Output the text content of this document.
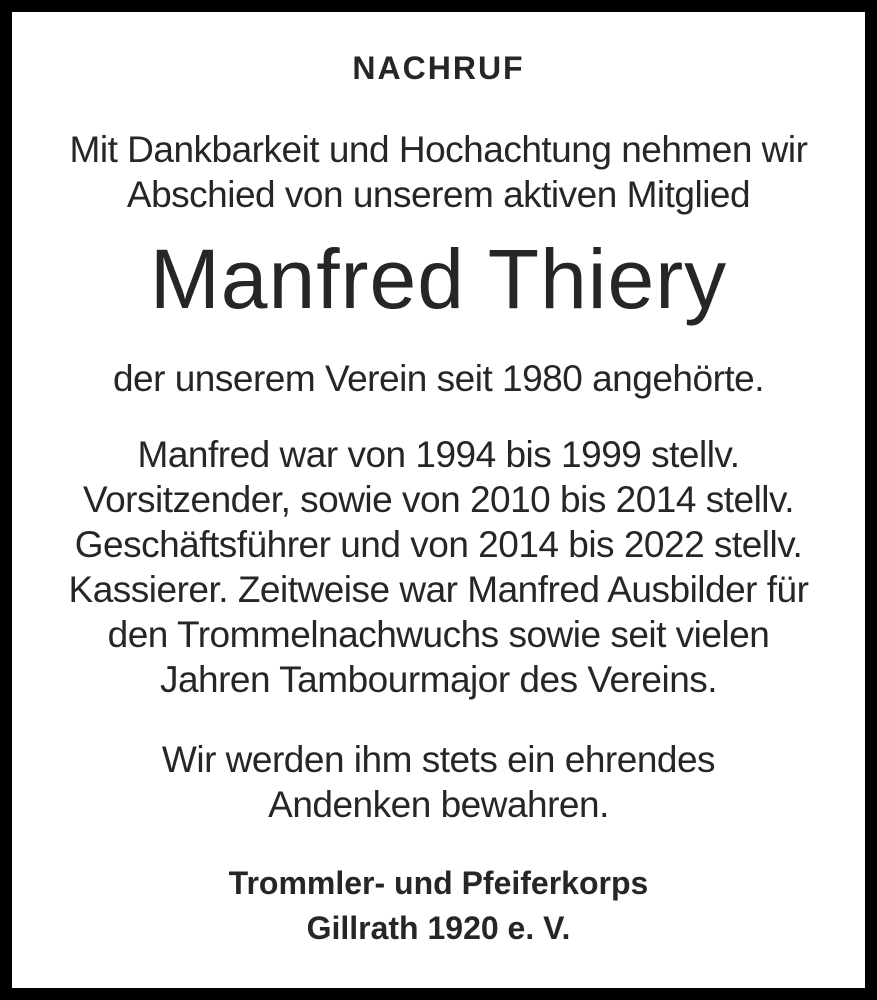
NACHRUF
Mit Dankbarkeit und Hochachtung nehmen wir
Abschied von unserem aktiven Mitglied
Manfred Thiery
der unserem Verein seit 1980 angehörte.
Manfred war von 1994 bis 1999 stellv.
Vorsitzender, sowie von 2010 bis 2014 stellv.
Geschäftsführer und von 2014 bis 2022 stellv.
Kassierer. Zeitweise war Manfred Ausbilder für
den Trommelnachwuchs sowie seit vielen
Jahren Tambourmajor des Vereins.
Wir werden ihm stets ein ehrendes
Andenken bewahren.
Trommler- und Pfeiferkorps
Gillrath 1920 e. V.
